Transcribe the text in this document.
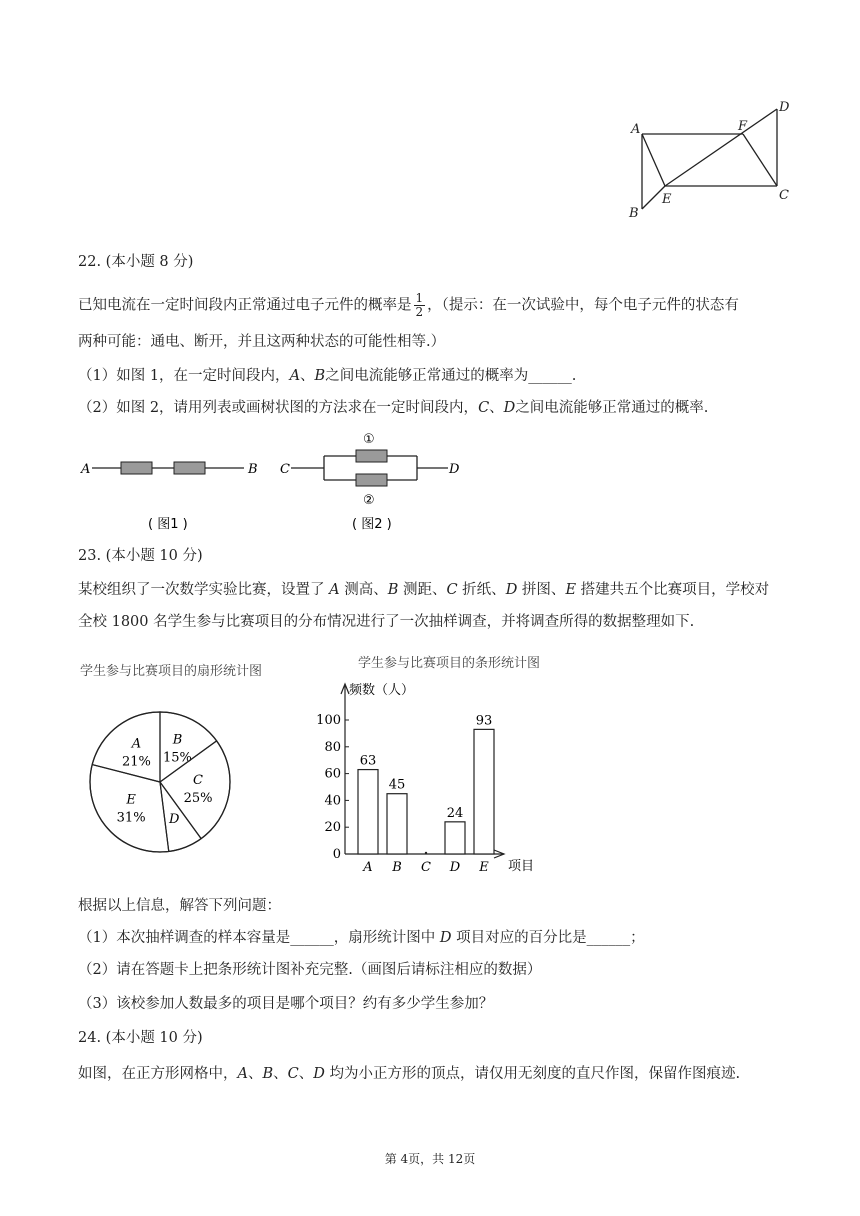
A
B
C
D
E
F
22. (本小题 8 分)
已知电流在一定时间段内正常通过电子元件的概率是 $\frac{1}{2}$ ，（提示：在一次试验中，每个电子元件的状态有
两种可能：通电、断开，并且这两种状态的可能性相等.）
（1）如图 1，在一定时间段内，A、B之间电流能够正常通过的概率为______.
（2）如图 2，请用列表或画树状图的方法求在一定时间段内，C、D之间电流能够正常通过的概率.
A	B
( 图1 )
C	D
①
②
( 图2 )
23. (本小题 10 分)
某校组织了一次数学实验比赛，设置了 A 测高、B 测距、C 折纸、D 拼图、E 搭建共五个比赛项目，学校对
全校 1800 名学生参与比赛项目的分布情况进行了一次抽样调查，并将调查所得的数据整理如下.
学生参与比赛项目的扇形统计图
B
15%
C
25%
D
E
31%
A
21%
学生参与比赛项目的条形统计图
频数（人）
项目
0
20
40
60
80
100
63
A
45
B C
24
D
93
E
根据以上信息，解答下列问题：
（1）本次抽样调查的样本容量是______，扇形统计图中 D 项目对应的百分比是______；
（2）请在答题卡上把条形统计图补充完整.（画图后请标注相应的数据）
（3）该校参加人数最多的项目是哪个项目？约有多少学生参加？
24. (本小题 10 分)
如图，在正方形网格中，A、B、C、D 均为小正方形的顶点，请仅用无刻度的直尺作图，保留作图痕迹.
第 4页，共 12页
